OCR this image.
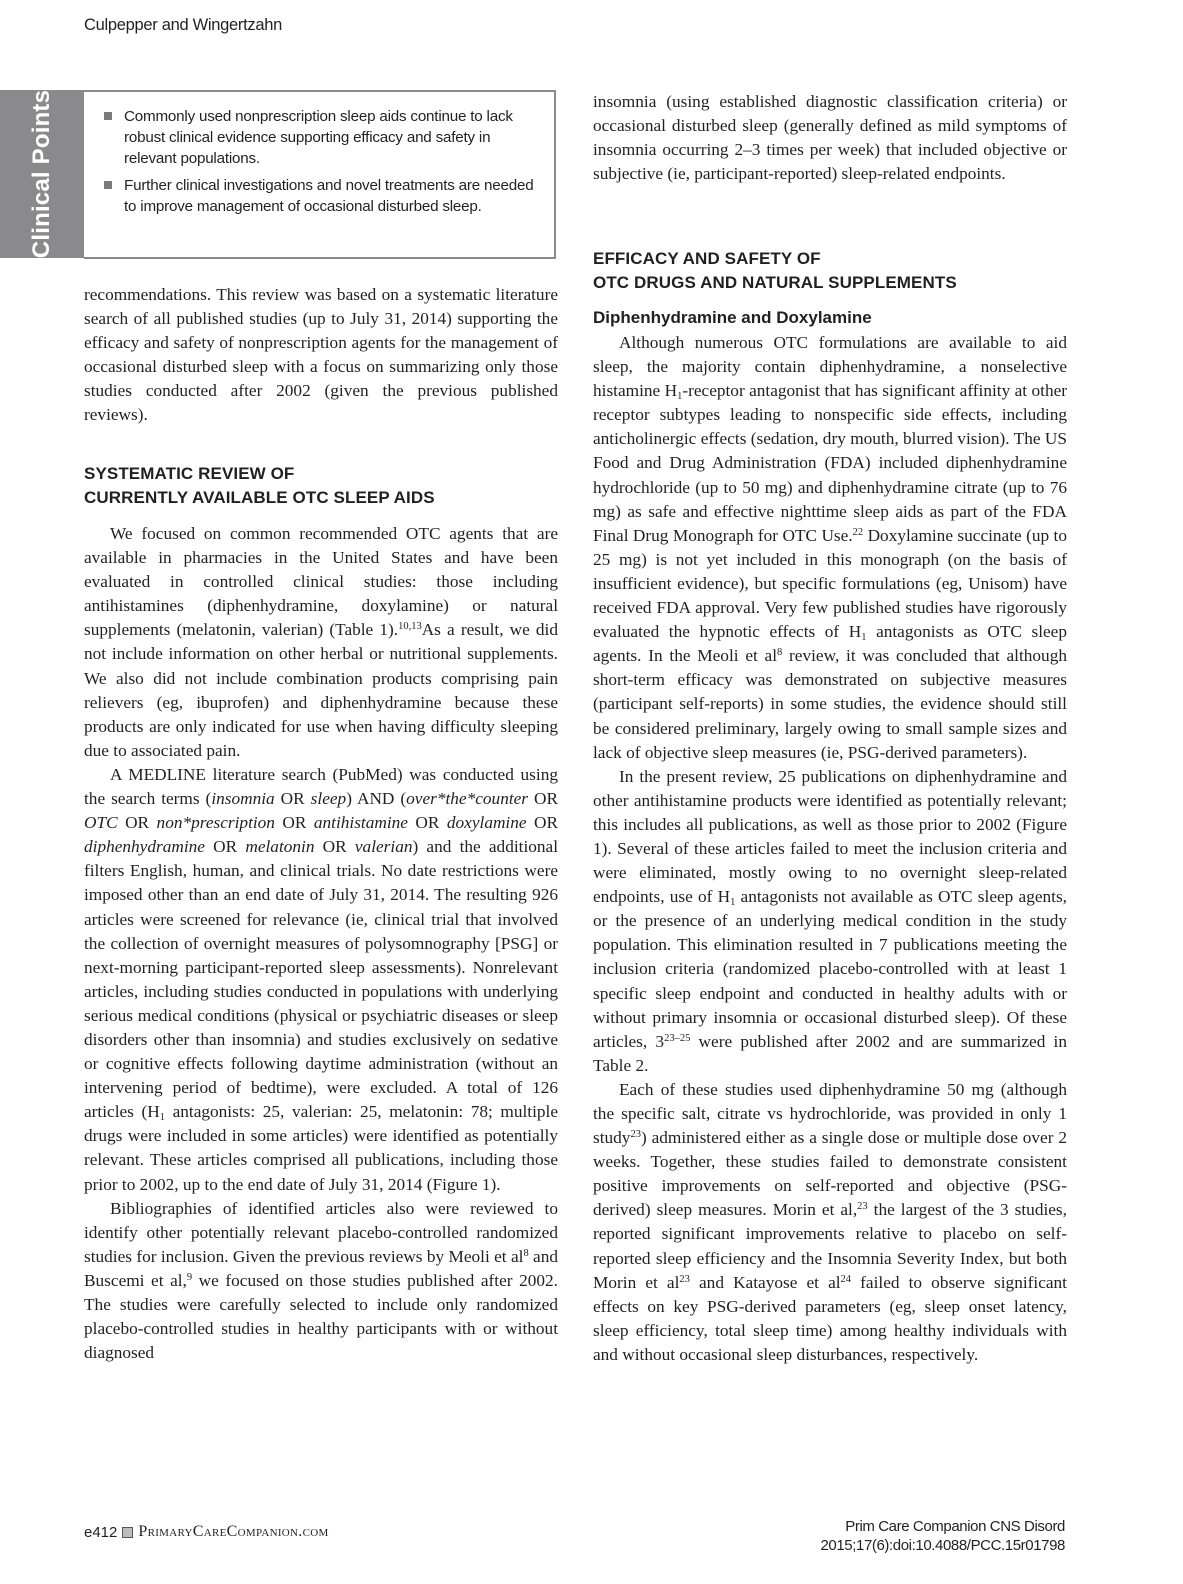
Culpepper and Wingertzahn
Clinical Points	Commonly used nonprescription sleep aids continue to lack robust clinical evidence supporting efficacy and safety in relevant populations.
Further clinical investigations and novel treatments are needed to improve management of occasional disturbed sleep.

recommendations. This review was based on a systematic literature search of all published studies (up to July 31, 2014) supporting the efficacy and safety of nonprescription agents for the management of occasional disturbed sleep with a focus on summarizing only those studies conducted after 2002 (given the previous published reviews).

SYSTEMATIC REVIEW OF

CURRENTLY AVAILABLE OTC SLEEP AIDS

We focused on common recommended OTC agents that are available in pharmacies in the United States and have been evaluated in controlled clinical studies: those including antihistamines (diphenhydramine, doxylamine) or natural supplements (melatonin, valerian) (Table 1).$^{10,13}$As a result, we did not include information on other herbal or nutritional supplements. We also did not include combination products comprising pain relievers (eg, ibuprofen) and diphenhydramine because these products are only indicated for use when having difficulty sleeping due to associated pain.

A MEDLINE literature search (PubMed) was conducted using the search terms (insomnia OR sleep) AND (over*the*counter OR OTC OR non*prescription OR antihistamine OR doxylamine OR diphenhydramine OR melatonin OR valerian) and the additional filters English, human, and clinical trials. No date restrictions were imposed other than an end date of July 31, 2014. The resulting 926 articles were screened for relevance (ie, clinical trial that involved the collection of overnight measures of polysomnography [PSG] or next-morning participant-reported sleep assessments). Nonrelevant articles, including studies conducted in populations with underlying serious medical conditions (physical or psychiatric diseases or sleep disorders other than insomnia) and studies exclusively on sedative or cognitive effects following daytime administration (without an intervening period of bedtime), were excluded. A total of 126 articles ($H_1$ antagonists: 25, valerian: 25, melatonin: 78; multiple drugs were included in some articles) were identified as potentially relevant. These articles comprised all publications, including those prior to 2002, up to the end date of July 31, 2014 (Figure 1).

Bibliographies of identified articles also were reviewed to identify other potentially relevant placebo-controlled randomized studies for inclusion. Given the previous reviews by Meoli et $al^8$ and Buscemi et al,$^9$ we focused on those studies published after 2002. The studies were carefully selected to include only randomized placebo-controlled studies in healthy participants with or without diagnosed

insomnia (using established diagnostic classification criteria) or occasional disturbed sleep (generally defined as mild symptoms of insomnia occurring 2–3 times per week) that included objective or subjective (ie, participant-reported) sleep-related endpoints.

EFFICACY AND SAFETY OF

OTC DRUGS AND NATURAL SUPPLEMENTS

Diphenhydramine and Doxylamine

Although numerous OTC formulations are available to aid sleep, the majority contain diphenhydramine, a nonselective histamine $H_1$-receptor antagonist that has significant affinity at other receptor subtypes leading to nonspecific side effects, including anticholinergic effects (sedation, dry mouth, blurred vision). The US Food and Drug Administration (FDA) included diphenhydramine hydrochloride (up to 50 mg) and diphenhydramine citrate (up to 76 mg) as safe and effective nighttime sleep aids as part of the FDA Final Drug Monograph for OTC Use.$^{22}$ Doxylamine succinate (up to 25 mg) is not yet included in this monograph (on the basis of insufficient evidence), but specific formulations (eg, Unisom) have received FDA approval. Very few published studies have rigorously evaluated the hypnotic effects of $H_1$ antagonists as OTC sleep agents. In the Meoli et $al^8$ review, it was concluded that although short-term efficacy was demonstrated on subjective measures (participant self-reports) in some studies, the evidence should still be considered preliminary, largely owing to small sample sizes and lack of objective sleep measures (ie, PSG-derived parameters).

In the present review, 25 publications on diphenhydramine and other antihistamine products were identified as potentially relevant; this includes all publications, as well as those prior to 2002 (Figure 1). Several of these articles failed to meet the inclusion criteria and were eliminated, mostly owing to no overnight sleep-related endpoints, use of $H_1$ antagonists not available as OTC sleep agents, or the presence of an underlying medical condition in the study population. This elimination resulted in 7 publications meeting the inclusion criteria (randomized placebo-controlled with at least 1 specific sleep endpoint and conducted in healthy adults with or without primary insomnia or occasional disturbed sleep). Of these articles, 3$^{23-25}$ were published after 2002 and are summarized in Table 2.

Each of these studies used diphenhydramine 50 mg (although the specific salt, citrate vs hydrochloride, was provided in only 1 study$^{23}$) administered either as a single dose or multiple dose over 2 weeks. Together, these studies failed to demonstrate consistent positive improvements on self-reported and objective (PSG-derived) sleep measures. Morin et al,$^{23}$ the largest of the 3 studies, reported significant improvements relative to placebo on self-reported sleep efficiency and the Insomnia Severity Index, but both Morin et $al^{23}$ and Katayose et $al^{24}$ failed to observe significant effects on key PSG-derived parameters (eg, sleep onset latency, sleep efficiency, total sleep time) among healthy individuals with and without occasional sleep disturbances, respectively.

e412 PrimaryCareCompanion.com	Prim Care Companion CNS Disord
2015;17(6):doi:10.4088/PCC.15r01798
